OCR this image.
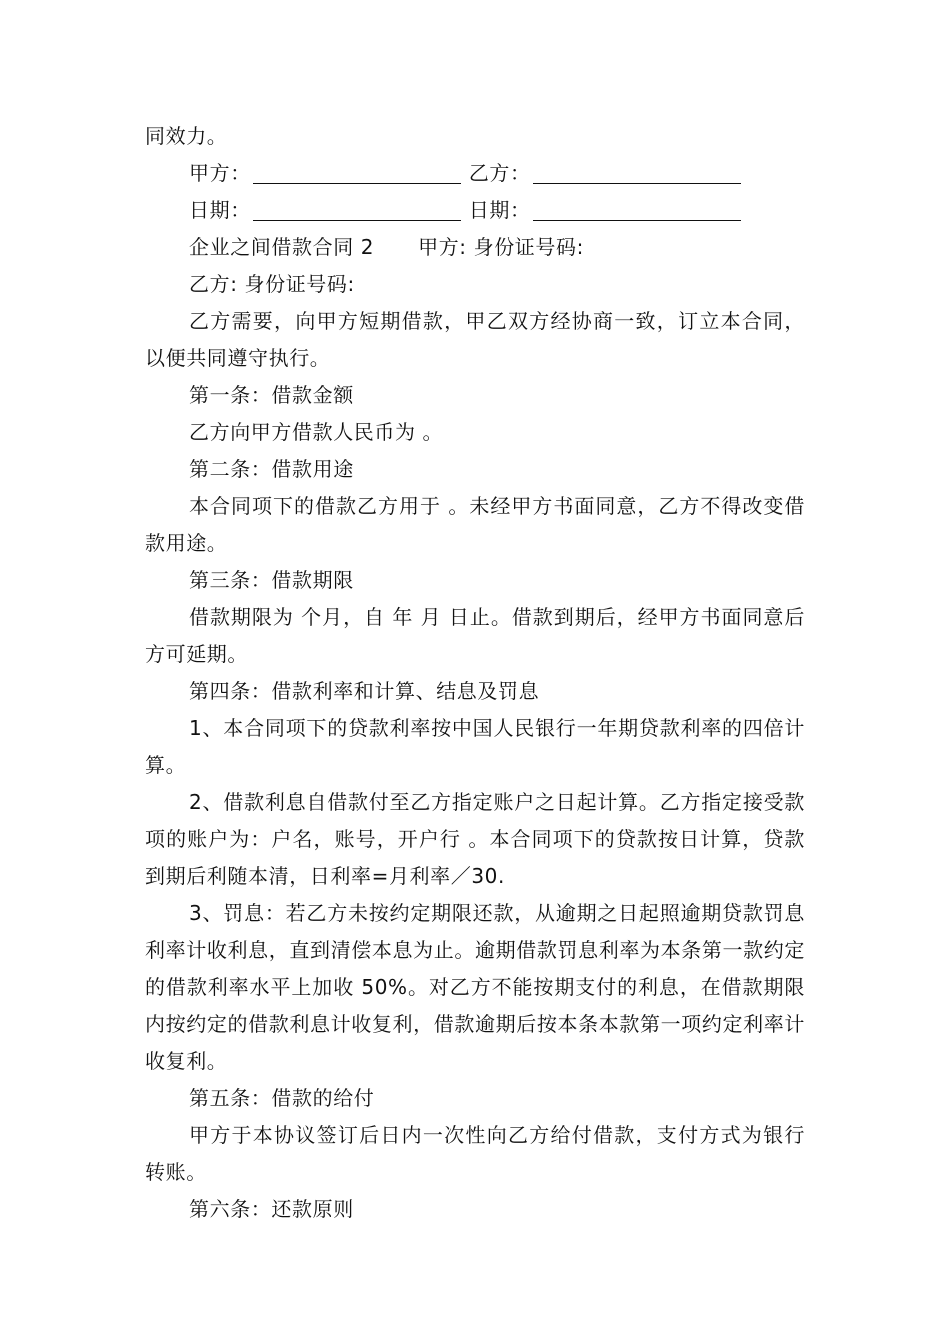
同效力。

甲方：	乙方：

日期：	日期：

企业之间借款合同 2 甲方: 身份证号码:

乙方: 身份证号码:

乙方需要，向甲方短期借款，甲乙双方经协商一致，订立本合同，以便共同遵守执行。

第一条：借款金额

乙方向甲方借款人民币为 。

第二条：借款用途

本合同项下的借款乙方用于 。未经甲方书面同意，乙方不得改变借款用途。

第三条：借款期限

借款期限为 个月，自 年 月 日止。借款到期后，经甲方书面同意后方可延期。

第四条：借款利率和计算、结息及罚息

1、本合同项下的贷款利率按中国人民银行一年期贷款利率的四倍计算。

2、借款利息自借款付至乙方指定账户之日起计算。乙方指定接受款项的账户为：户名，账号，开户行 。本合同项下的贷款按日计算，贷款到期后利随本清，日利率=月利率／30.

3、罚息：若乙方未按约定期限还款，从逾期之日起照逾期贷款罚息利率计收利息，直到清偿本息为止。逾期借款罚息利率为本条第一款约定的借款利率水平上加收 50%。对乙方不能按期支付的利息，在借款期限内按约定的借款利息计收复利，借款逾期后按本条本款第一项约定利率计收复利。

第五条：借款的给付

甲方于本协议签订后日内一次性向乙方给付借款，支付方式为银行转账。

第六条：还款原则
